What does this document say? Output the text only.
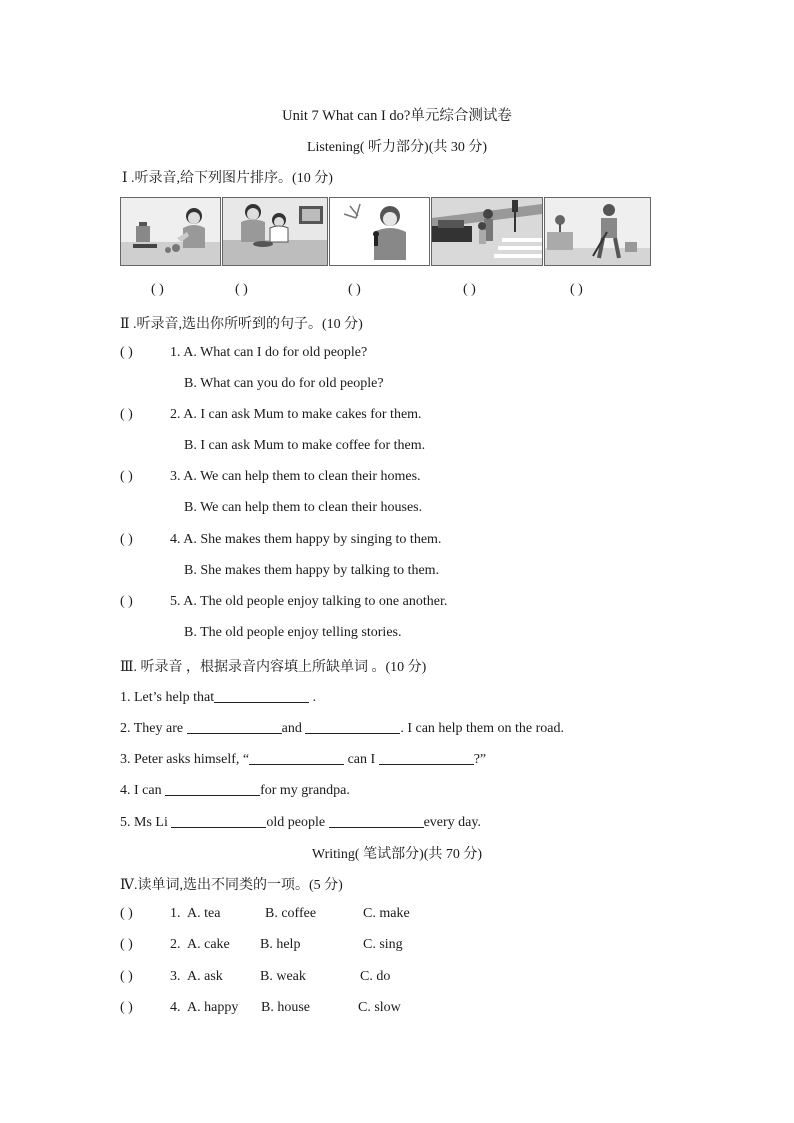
Unit 7 What can I do?单元综合测试卷
Listening( 听力部分)(共 30 分)
Ⅰ .听录音,给下列图片排序。(10 分)
( )	( )	( )	( )	( )
Ⅱ .听录音,选出你所听到的句子。(10 分)
( )	1. A. What can I do for old people?
B. What can you do for old people?
( )	2. A. I can ask Mum to make cakes for them.
B. I can ask Mum to make coffee for them.
( )	3. A. We can help them to clean their homes.
B. We can help them to clean their houses.
( )	4. A. She makes them happy by singing to them.
B. She makes them happy by talking to them.
( )	5. A. The old people enjoy talking to one another.
B. The old people enjoy telling stories.
Ⅲ. 听录音 ，根据录音内容填上所缺单词 。(10 分)
1. Let’s help that	.
2. They are	and	. I can help them on the road.
3. Peter asks himself, “	can I	?”
4. I can	for my grandpa.
5. Ms Li	old people	every day.
Writing( 笔试部分)(共 70 分)
Ⅳ.读单词,选出不同类的一项。(5 分)
( )	1. A. tea	B. coffee	C. make
( )	2. A. cake B. help	C. sing
( )	3. A. ask	B. weak	C. do
( )	4. A. happy B. house	C. slow
